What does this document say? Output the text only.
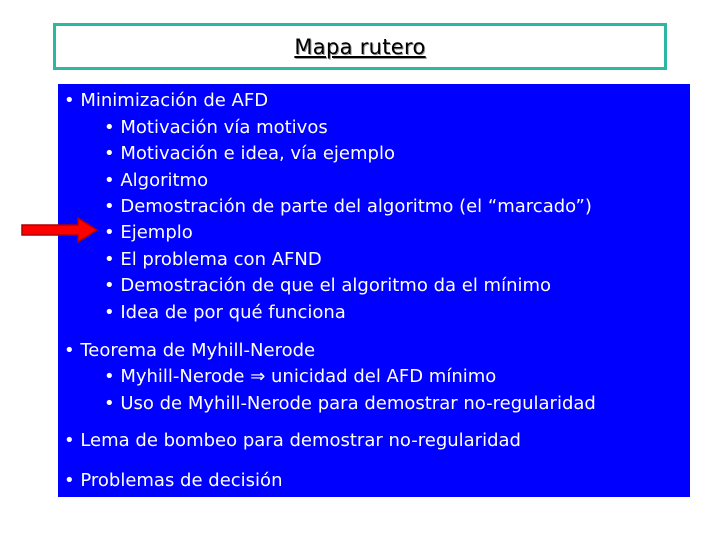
Mapa rutero
• Minimización de AFD
• Motivación vía motivos
• Motivación e idea, vía ejemplo
• Algoritmo
• Demostración de parte del algoritmo (el “marcado”)
• Ejemplo
• El problema con AFND
• Demostración de que el algoritmo da el mínimo
• Idea de por qué funciona
• Teorema de Myhill-Nerode
• Myhill-Nerode ⇒ unicidad del AFD mínimo
• Uso de Myhill-Nerode para demostrar no-regularidad
• Lema de bombeo para demostrar no-regularidad
• Problemas de decisión
